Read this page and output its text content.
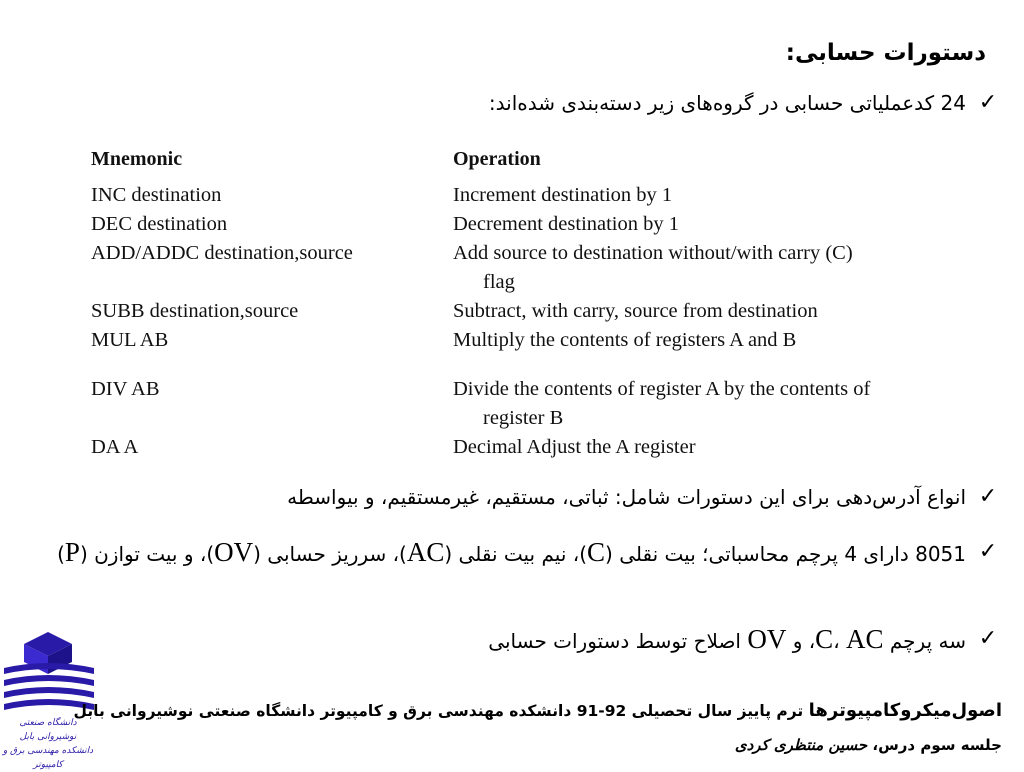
دستورات حسابی:
✓
24 کدعملیاتی حسابی در گروه‌های زیر دسته‌بندی شده‌اند:
Mnemonic	Operation
INC destination	Increment destination by 1
DEC destination	Decrement destination by 1
ADD/ADDC destination,source	Add source to destination without/with carry (C)
flag
SUBB destination,source	Subtract, with carry, source from destination
MUL AB	Multiply the contents of registers A and B
DIV AB	Divide the contents of register A by the contents of
register B
DA A	Decimal Adjust the A register
✓
انواع آدرس‌دهی برای این دستورات شامل: ثباتی، مستقیم، غیرمستقیم، و بیواسطه
✓
8051 دارای 4 پرچم محاسباتی؛ بیت نقلی (C)، نیم بیت نقلی (AC)، سرریز حسابی (OV)، و بیت توازن (P)
✓
سه پرچم C، AC، و OV اصلاح توسط دستورات حسابی
دانشگاه صنعتی نوشیروانی بابل
دانشکده مهندسی برق و کامپیوتر
اصول‌میکروکامپیوترها ترم پاییز سال تحصیلی 92-91 دانشکده مهندسی برق و کامپیوتر دانشگاه صنعتی نوشیروانی بابل
جلسه سوم درس، حسین منتظری کردی
